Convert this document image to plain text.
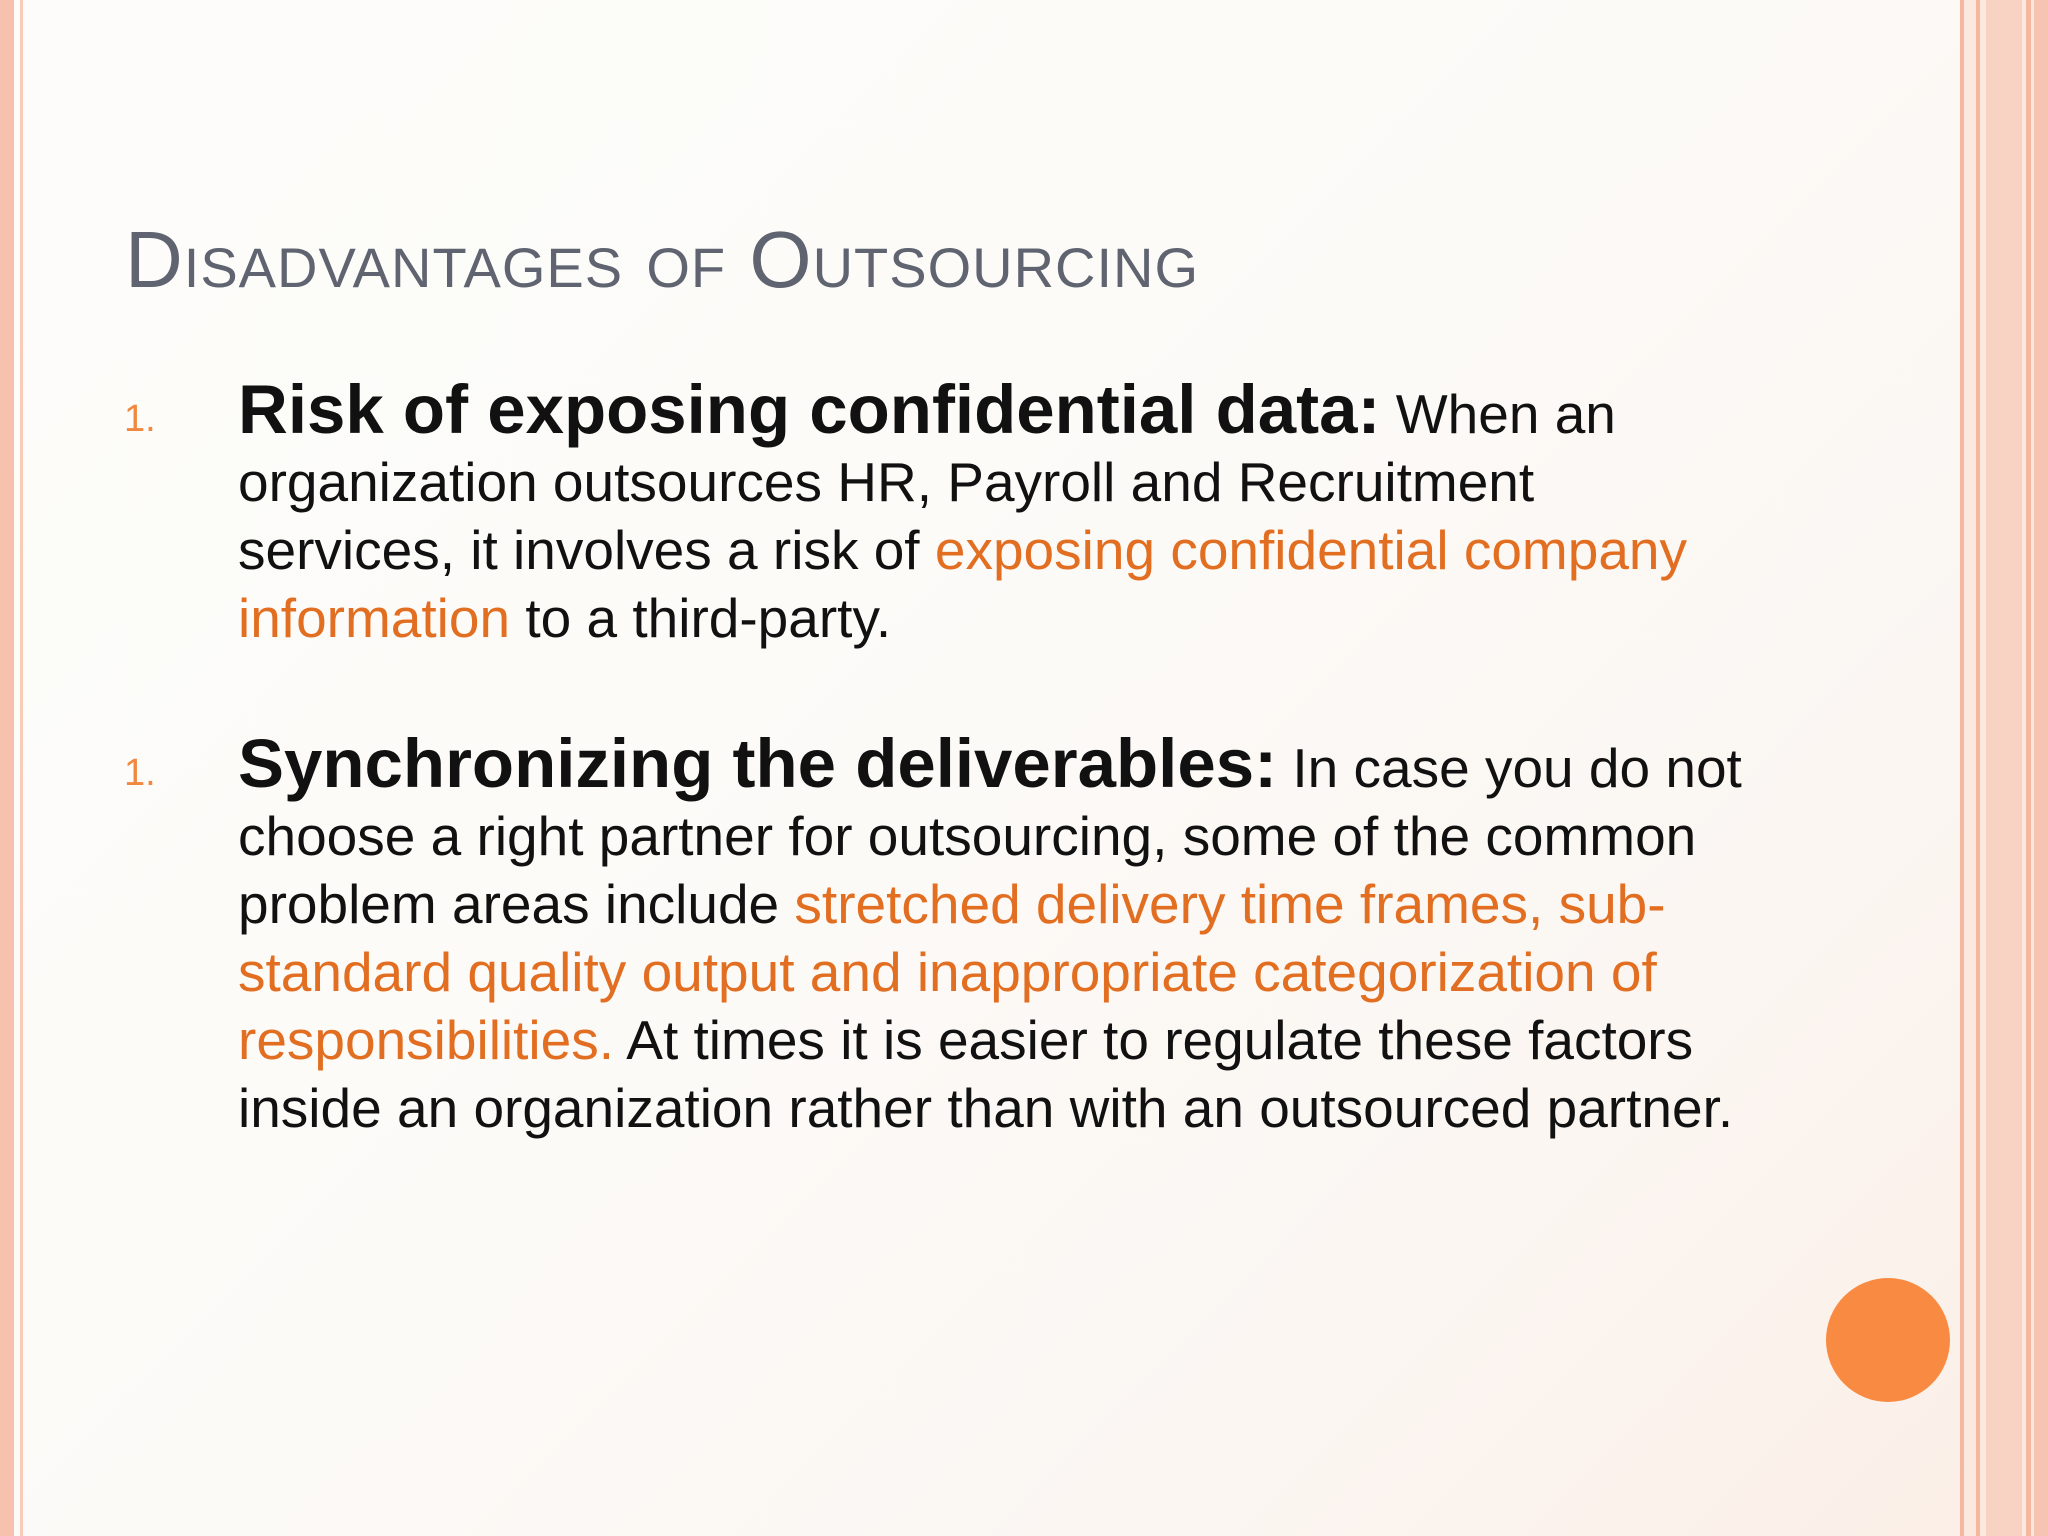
Disadvantages of Outsourcing
1. Risk of exposing confidential data: When an organization outsources HR, Payroll and Recruitment services, it involves a risk of exposing confidential company information to a third-party.
1. Synchronizing the deliverables: In case you do not choose a right partner for outsourcing, some of the common problem areas include stretched delivery time frames, sub-standard quality output and inappropriate categorization of responsibilities. At times it is easier to regulate these factors inside an organization rather than with an outsourced partner.
